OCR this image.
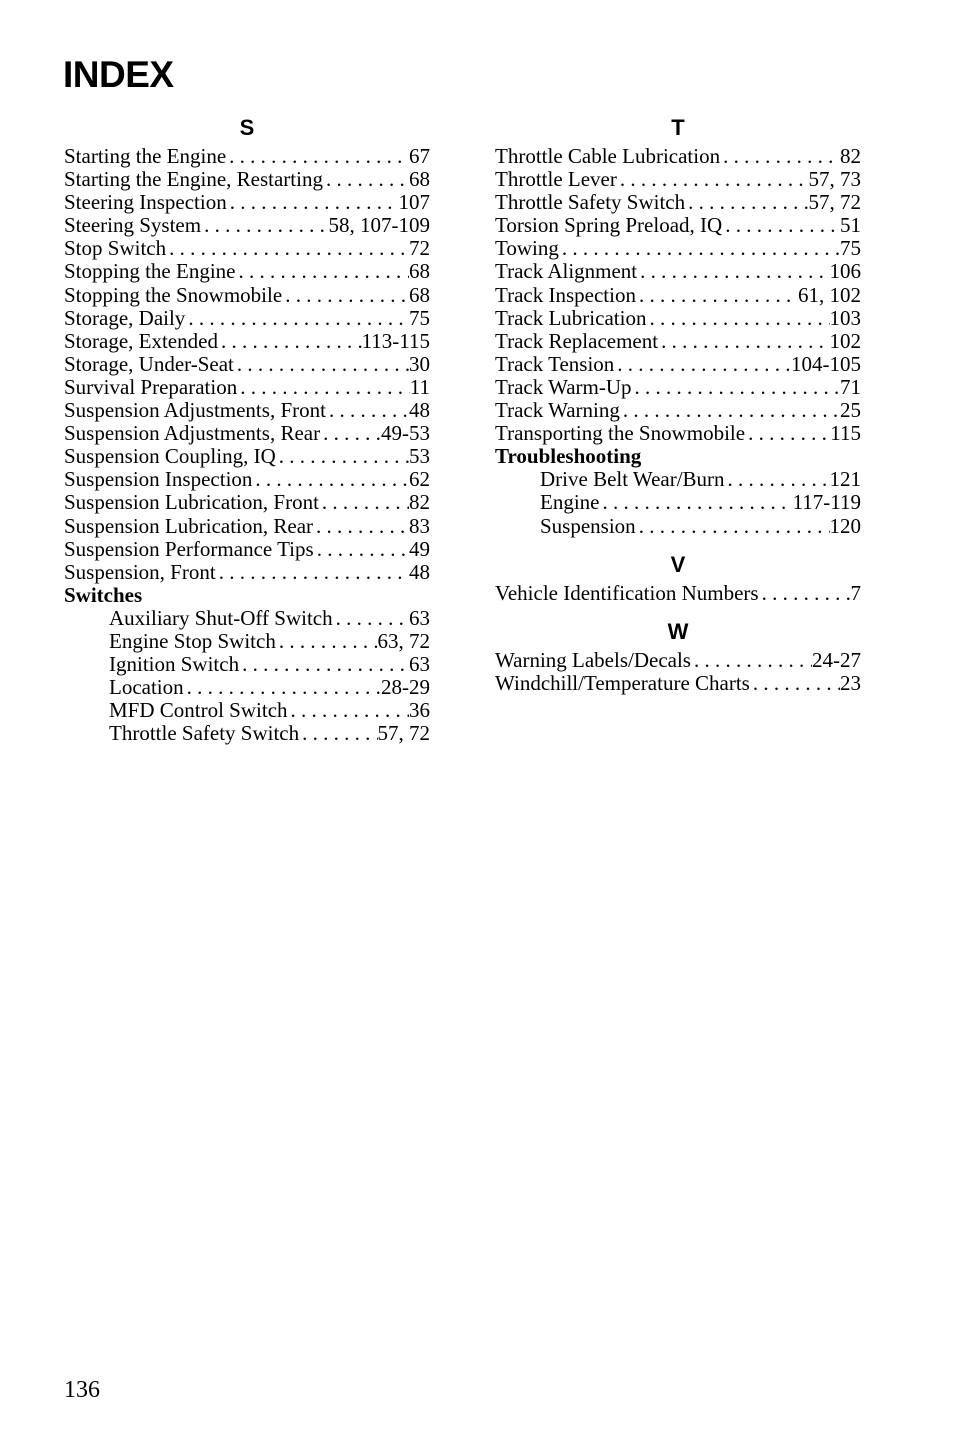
INDEX
S
Starting the Engine . . .	67
Starting the Engine, Restarting . . .	68
Steering Inspection . . .	107
Steering System . . .	58, 107-109
Stop Switch . . .	72
Stopping the Engine . . .	68
Stopping the Snowmobile . . .	68
Storage, Daily . . .	75
Storage, Extended . . .	113-115
Storage, Under-Seat . . .	30
Survival Preparation . . .	11
Suspension Adjustments, Front . . .	48
Suspension Adjustments, Rear . . .	49-53
Suspension Coupling, IQ . . .	53
Suspension Inspection . . .	62
Suspension Lubrication, Front . . .	82
Suspension Lubrication, Rear . . .	83
Suspension Performance Tips . . .	49
Suspension, Front . . .	48
Switches
Auxiliary Shut-Off Switch . . .	63
Engine Stop Switch . . .	63, 72
Ignition Switch . . .	63
Location . . .	28-29
MFD Control Switch . . .	36
Throttle Safety Switch . . .	57, 72
T
Throttle Cable Lubrication . . .	82
Throttle Lever . . .	57, 73
Throttle Safety Switch . . .	57, 72
Torsion Spring Preload, IQ . . .	51
Towing . . .	75
Track Alignment . . .	106
Track Inspection . . .	61, 102
Track Lubrication . . .	103
Track Replacement . . .	102
Track Tension . . .	104-105
Track Warm-Up . . .	71
Track Warning . . .	25
Transporting the Snowmobile . . .	115
Troubleshooting
Drive Belt Wear/Burn . . .	121
Engine . . .	117-119
Suspension . . .	120
V
Vehicle Identification Numbers . . .	7
W
Warning Labels/Decals . . .	24-27
Windchill/Temperature Charts . . .	23
136
